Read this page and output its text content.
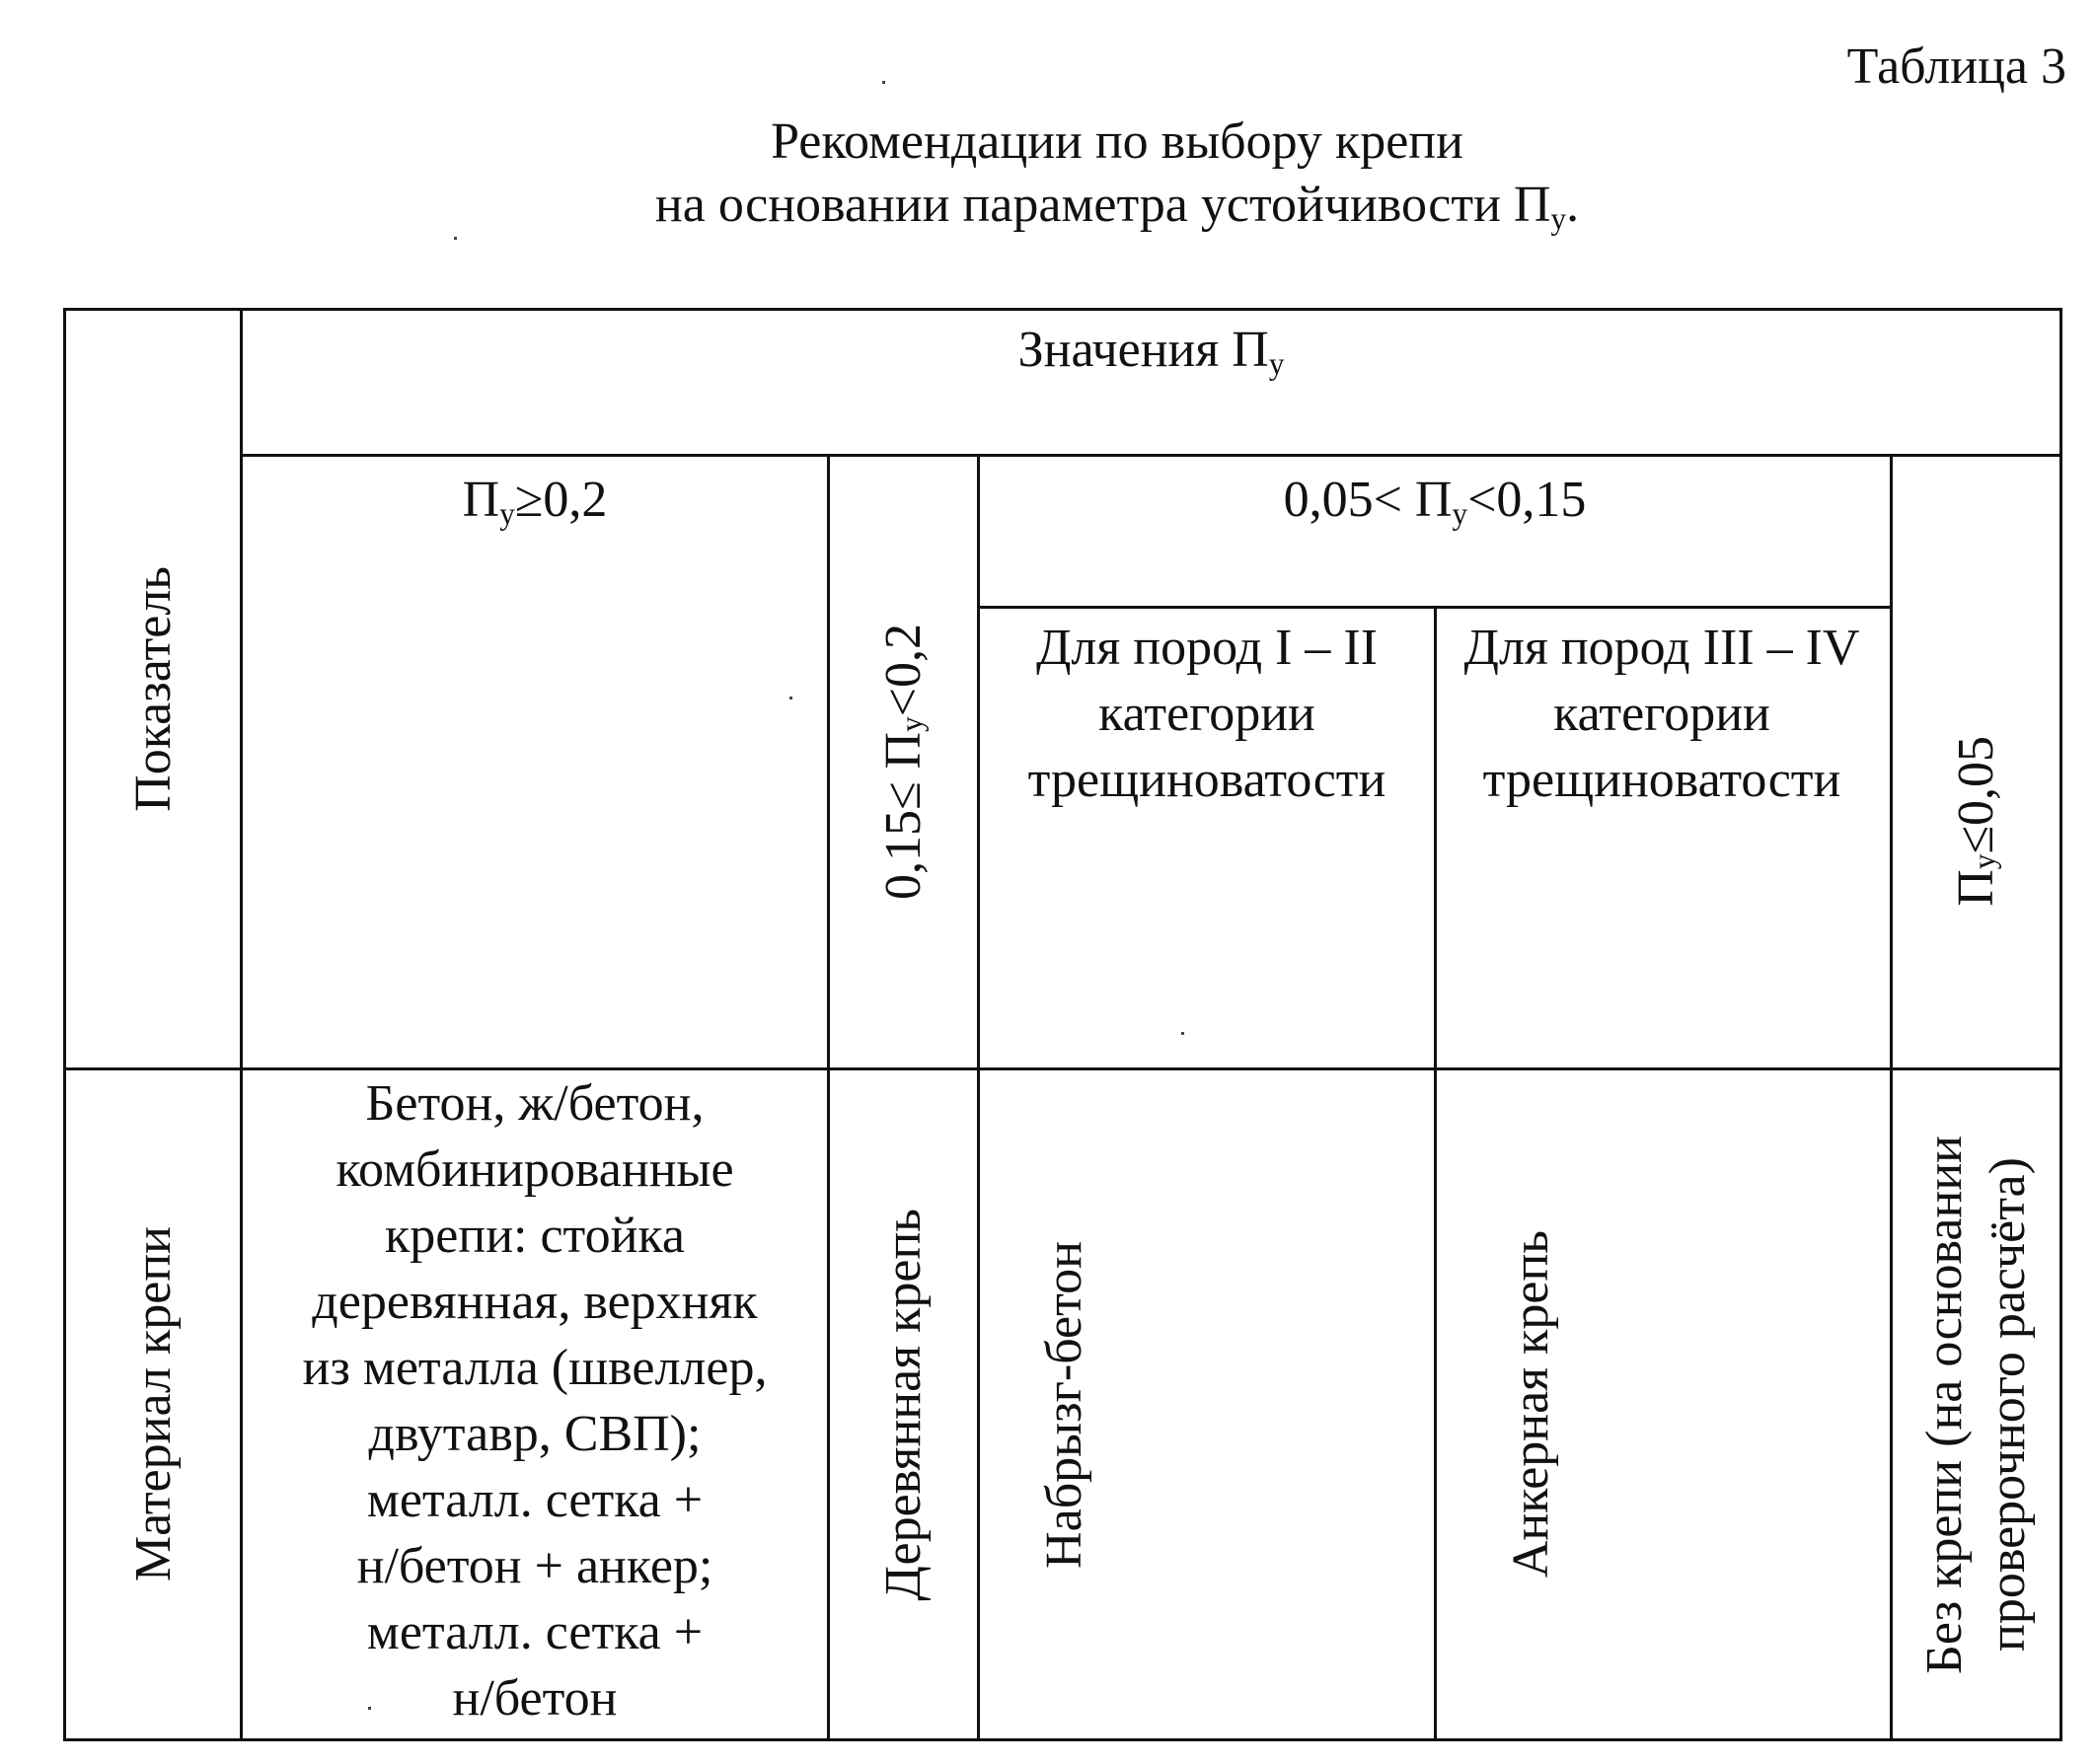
Таблица 3
Рекомендации по выбору крепи
на основании параметра устойчивости $П_у$.
Показатель
Значения $П_у$
$П_у\ge 0,2$
$0,15\le П_у<0,2$
$0,05< П_у<0,15$
Для пород I – II категории трещиноватости
Для пород III – IV категории трещиноватости
$П_у\le 0,05$
Материал крепи
Бетон, ж/бетон,
комбинированные
крепи: стойка
деревянная, верхняк
из металла (швеллер,
двутавр, СВП);
металл. сетка +
н/бетон + анкер;
металл. сетка +
н/бетон
Деревянная крепь Набрызг-бетон	Анкерная крепь	Без крепи (на основании проверочного расчёта)
